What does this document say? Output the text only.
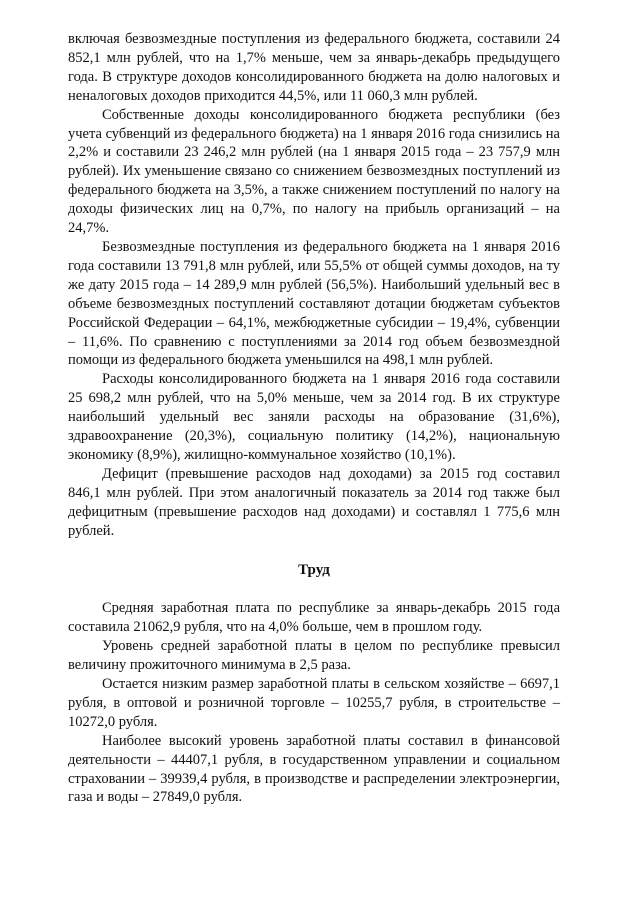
включая безвозмездные поступления из федерального бюджета, составили 24 852,1 млн рублей, что на 1,7% меньше, чем за январь-декабрь предыдущего года. В структуре доходов консолидированного бюджета на долю налоговых и неналоговых доходов приходится 44,5%, или 11 060,3 млн рублей.

Собственные доходы консолидированного бюджета республики (без учета субвенций из федерального бюджета) на 1 января 2016 года снизились на 2,2% и составили 23 246,2 млн рублей (на 1 января 2015 года – 23 757,9 млн рублей). Их уменьшение связано со снижением безвозмездных поступлений из федерального бюджета на 3,5%, а также снижением поступлений по налогу на доходы физических лиц на 0,7%, по налогу на прибыль организаций – на 24,7%.

Безвозмездные поступления из федерального бюджета на 1 января 2016 года составили 13 791,8 млн рублей, или 55,5% от общей суммы доходов, на ту же дату 2015 года – 14 289,9 млн рублей (56,5%). Наибольший удельный вес в объеме безвозмездных поступлений составляют дотации бюджетам субъектов Российской Федерации – 64,1%, межбюджетные субсидии – 19,4%, субвенции – 11,6%. По сравнению с поступлениями за 2014 год объем безвозмездной помощи из федерального бюджета уменьшился на 498,1 млн рублей.

Расходы консолидированного бюджета на 1 января 2016 года составили 25 698,2 млн рублей, что на 5,0% меньше, чем за 2014 год. В их структуре наибольший удельный вес заняли расходы на образование (31,6%), здравоохранение (20,3%), социальную политику (14,2%), национальную экономику (8,9%), жилищно-коммунальное хозяйство (10,1%).

Дефицит (превышение расходов над доходами) за 2015 год составил 846,1 млн рублей. При этом аналогичный показатель за 2014 год также был дефицитным (превышение расходов над доходами) и составлял 1 775,6 млн рублей.

Труд

Средняя заработная плата по республике за январь-декабрь 2015 года составила 21062,9 рубля, что на 4,0% больше, чем в прошлом году.

Уровень средней заработной платы в целом по республике превысил величину прожиточного минимума в 2,5 раза.

Остается низким размер заработной платы в сельском хозяйстве – 6697,1 рубля, в оптовой и розничной торговле – 10255,7 рубля, в строительстве – 10272,0 рубля.

Наиболее высокий уровень заработной платы составил в финансовой деятельности – 44407,1 рубля, в государственном управлении и социальном страховании – 39939,4 рубля, в производстве и распределении электроэнергии, газа и воды – 27849,0 рубля.
